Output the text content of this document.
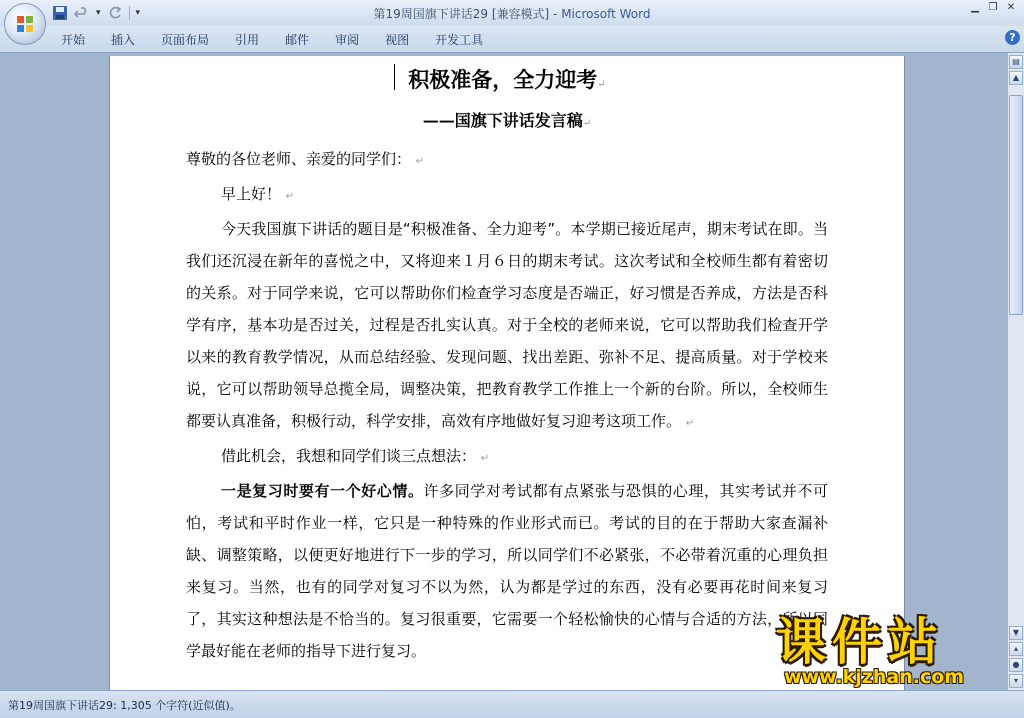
▾	▾	第19周国旗下讲话29 [兼容模式] - Microsoft Word	▁ ❐ ✕
开始	插入	页面布局	引用	邮件	审阅	视图	开发工具	?
积极准备，全力迎考↵
——国旗下讲话发言稿↵

尊敬的各位老师、亲爱的同学们： ↵

早上好！ ↵

今天我国旗下讲话的题目是“积极准备、全力迎考”。本学期已接近尾声，期末考试在即。当我们还沉浸在新年的喜悦之中，又将迎来１月６日的期末考试。这次考试和全校师生都有着密切的关系。对于同学来说，它可以帮助你们检查学习态度是否端正，好习惯是否养成，方法是否科学有序，基本功是否过关，过程是否扎实认真。对于全校的老师来说，它可以帮助我们检查开学以来的教育教学情况，从而总结经验、发现问题、找出差距、弥补不足、提高质量。对于学校来说，它可以帮助领导总揽全局，调整决策，把教育教学工作推上一个新的台阶。所以，全校师生都要认真准备，积极行动，科学安排，高效有序地做好复习迎考这项工作。 ↵

借此机会，我想和同学们谈三点想法： ↵

一是复习时要有一个好心情。许多同学对考试都有点紧张与恐惧的心理，其实考试并不可怕，考试和平时作业一样，它只是一种特殊的作业形式而已。考试的目的在于帮助大家查漏补缺、调整策略，以便更好地进行下一步的学习，所以同学们不必紧张，不必带着沉重的心理负担来复习。当然，也有的同学对复习不以为然，认为都是学过的东西，没有必要再花时间来复习了，其实这种想法是不恰当的。复习很重要，它需要一个轻松愉快的心情与合适的方法，所以同学最好能在老师的指导下进行复习。

▤
▲
▼
▴
●
▾
第19周国旗下讲话29: 1,305 个字符(近似值)。
课件站
www.kjzhan.com
